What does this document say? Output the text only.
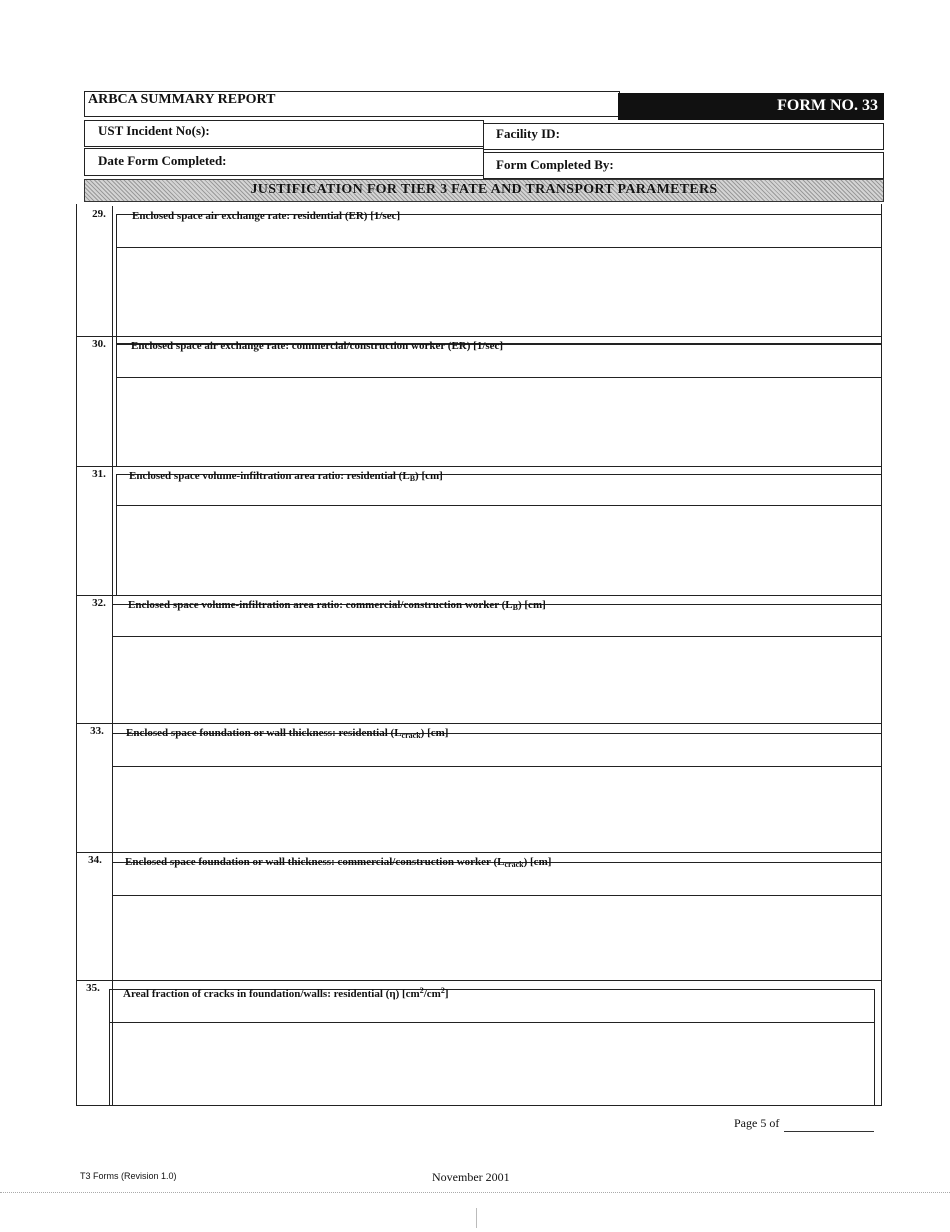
ARBCA SUMMARY REPORT	FORM NO. 33
UST Incident No(s):	Facility ID:
Date Form Completed:	Form Completed By:
JUSTIFICATION FOR TIER 3 FATE AND TRANSPORT PARAMETERS
29.	Enclosed space air exchange rate: residential (ER) [1/sec]
30.	Enclosed space air exchange rate: commercial/construction worker (ER) [1/sec]
31.	Enclosed space volume-infiltration area ratio: residential $(L_B)$ [cm]
32.	Enclosed space volume-infiltration area ratio: commercial/construction worker $(L_B)$ [cm]
33.	Enclosed space foundation or wall thickness: residential $(L_{crack})$ [cm]
34.	Enclosed space foundation or wall thickness: commercial/construction worker $(L_{crack})$ [cm]
35.	Areal fraction of cracks in foundation/walls: residential (η) $[cm^2/cm^2]$
Page 5 of
T3 Forms (Revision 1.0)	November 2001
